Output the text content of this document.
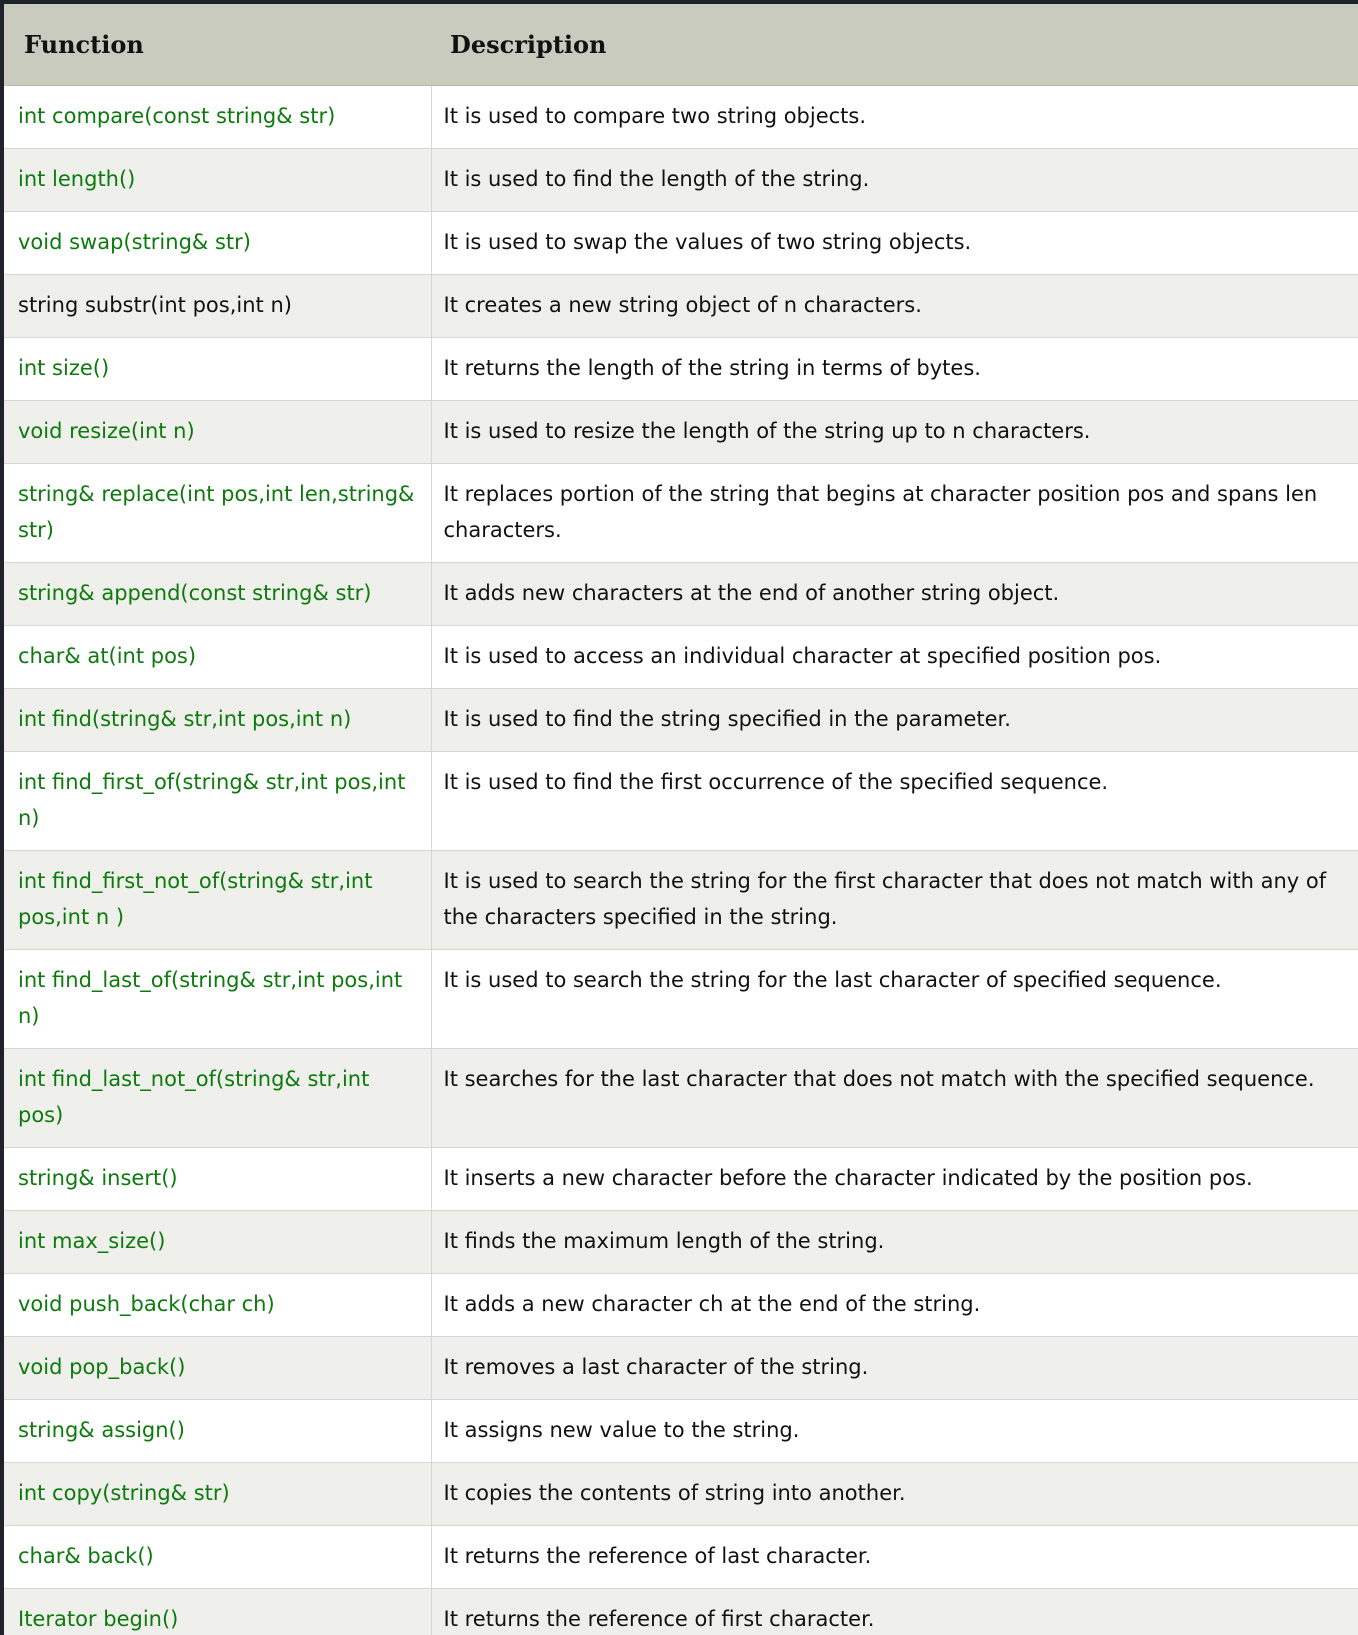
Function	Description
int compare(const string& str)	It is used to compare two string objects.
int length()	It is used to find the length of the string.
void swap(string& str)	It is used to swap the values of two string objects.
string substr(int pos,int n)	It creates a new string object of n characters.
int size()	It returns the length of the string in terms of bytes.
void resize(int n)	It is used to resize the length of the string up to n characters.
string& replace(int pos,int len,string& str)	It replaces portion of the string that begins at character position pos and spans len characters.
string& append(const string& str)	It adds new characters at the end of another string object.
char& at(int pos)	It is used to access an individual character at specified position pos.
int find(string& str,int pos,int n)	It is used to find the string specified in the parameter.
int find_first_of(string& str,int pos,int n)	It is used to find the first occurrence of the specified sequence.
int find_first_not_of(string& str,int pos,int n )	It is used to search the string for the first character that does not match with any of the characters specified in the string.
int find_last_of(string& str,int pos,int n)	It is used to search the string for the last character of specified sequence.
int find_last_not_of(string& str,int pos)	It searches for the last character that does not match with the specified sequence.
string& insert()	It inserts a new character before the character indicated by the position pos.
int max_size()	It finds the maximum length of the string.
void push_back(char ch)	It adds a new character ch at the end of the string.
void pop_back()	It removes a last character of the string.
string& assign()	It assigns new value to the string.
int copy(string& str)	It copies the contents of string into another.
char& back()	It returns the reference of last character.
Iterator begin()	It returns the reference of first character.
